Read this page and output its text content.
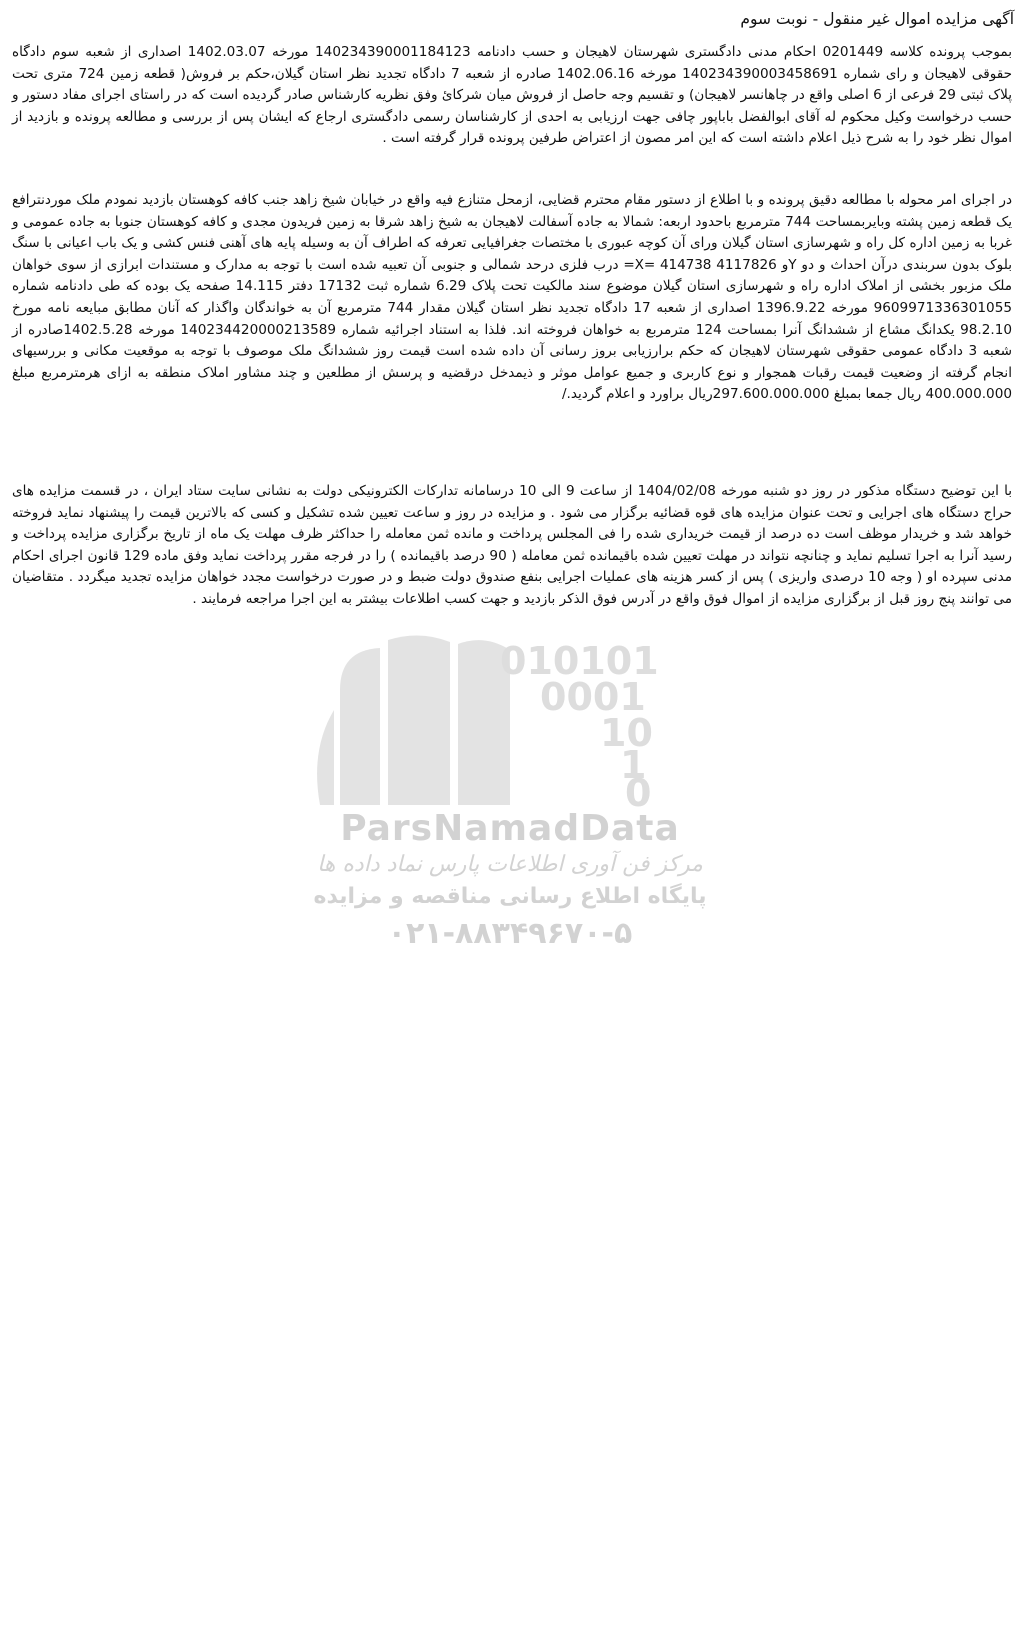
آگهی مزایده اموال غیر منقول - نوبت سوم
بموجب پرونده کلاسه 0201449 احکام مدنی دادگستری شهرستان لاهیجان و حسب دادنامه 14023439000118412​3 مورخه 1402.03.07 اصداری از شعبه سوم دادگاه حقوقی لاهیجان و رای شماره 140234390003458691 مورخه 1402.06.16 صادره از شعبه 7 دادگاه تجدید نظر استان گیلان،حکم بر فروش( قطعه زمین 724 متری تحت پلاک ثبتی 29 فرعی از 6 اصلی واقع در چاهانسر لاهیجان) و تقسیم وجه حاصل از فروش میان شرکائ وفق نظریه کارشناس صادر گردیده است که در راستای اجرای مفاد دستور و حسب درخواست وکیل محکوم له آقای ابوالفضل باباپور چافی جهت ارزیابی به احدی از کارشناسان رسمی دادگستری ارجاع که ایشان پس از بررسی و مطالعه پرونده و بازدید از اموال نظر خود را به شرح ذیل اعلام داشته است که این امر مصون از اعتراض طرفین پرونده قرار گرفته است .
در اجرای امر محوله با مطالعه دقیق پرونده و با اطلاع از دستور مقام محترم قضایی، ازمحل متنازع فیه واقع در خیابان شیخ زاهد جنب کافه کوهستان بازدید نمودم ملک موردنترافع یک قطعه زمین پشته وبایربمساحت 744 مترمربع باحدود اربعه: شمالا به جاده آسفالت لاهیجان به شیخ زاهد شرقا به زمین فریدون مجدی و کافه کوهستان جنوبا به جاده عمومی و غربا به زمین اداره کل راه و شهرسازی استان گیلان ورای آن کوچه عبوری با مختصات جغرافیایی تعرفه که اطراف آن به وسیله پایه های آهنی فنس کشی و یک باب اعیانی با سنگ بلوک بدون سربندی درآن احداث و دو Yو 4117826 X= 414738= درب فلزی درحد شمالی و جنوبی آن تعبیه شده است با توجه به مدارک و مستندات ابرازی از سوی خواهان ملک مزبور بخشی از املاک اداره راه و شهرسازی استان گیلان موضوع سند مالکیت تحت پلاک 6.29 شماره ثبت 17132 دفتر 14.115 صفحه یک بوده که طی دادنامه شماره 9609971336301055 مورخه 1396.9.22 اصداری از شعبه 17 دادگاه تجدید نظر استان گیلان مقدار 744 مترمربع آن به خواندگان واگذار که آنان مطابق مبایعه نامه مورخ 98.2.10 یکدانگ مشاع از ششدانگ آنرا بمساحت 124 مترمربع به خواهان فروخته اند. فلذا به استناد اجرائیه شماره 140234420000213589 مورخه 1402.5.28صادره از شعبه 3 دادگاه عمومی حقوقی شهرستان لاهیجان که حکم برارزیابی بروز رسانی آن داده شده است قیمت روز ششدانگ ملک موصوف با توجه به موقعیت مکانی و بررسیهای انجام گرفته از وضعیت قیمت رقبات همجوار و نوع کاربری و جمیع عوامل موثر و ذیمدخل درقضیه و پرسش از مطلعین و چند مشاور املاک منطقه به ازای هرمترمربع مبلغ 400.000.000 ریال جمعا بمبلغ 297.600.000.000ریال براورد و اعلام گردید./
با این توضیح دستگاه مذکور در روز دو شنبه مورخه 1404/02/08 از ساعت 9 الی 10 درسامانه تدارکات الکترونیکی دولت به نشانی سایت ستاد ایران ، در قسمت مزایده های حراج دستگاه های اجرایی و تحت عنوان مزایده های قوه قضائیه برگزار می شود . و مزایده در روز و ساعت تعیین شده تشکیل و کسی که بالاترین قیمت را پیشنهاد نماید فروخته خواهد شد و خریدار موظف است ده درصد از قیمت خریداری شده را فی المجلس پرداخت و مانده ثمن معامله را حداکثر ظرف مهلت یک ماه از تاریخ برگزاری مزایده پرداخت و رسید آنرا به اجرا تسلیم نماید و چنانچه نتواند در مهلت تعیین شده باقیمانده ثمن معامله ( 90 درصد باقیمانده ) را در فرجه مقرر پرداخت نماید وفق ماده 129 قانون اجرای احکام مدنی سپرده او ( وجه 10 درصدی واریزی ) پس از کسر هزینه های عملیات اجرایی بنفع صندوق دولت ضبط و در صورت درخواست مجدد خواهان مزایده تجدید میگردد . متقاضیان می توانند پنج روز قبل از برگزاری مزایده از اموال فوق واقع در آدرس فوق الذکر بازدید و جهت کسب اطلاعات بیشتر به این اجرا مراجعه فرمایند .
010101
0001
10
1
0
ParsNamadData
مرکز فن آوری اطلاعات پارس نماد داده ها
پایگاه اطلاع رسانی مناقصه و مزایده
۰۲۱-۸۸۳۴۹۶۷۰-۵
